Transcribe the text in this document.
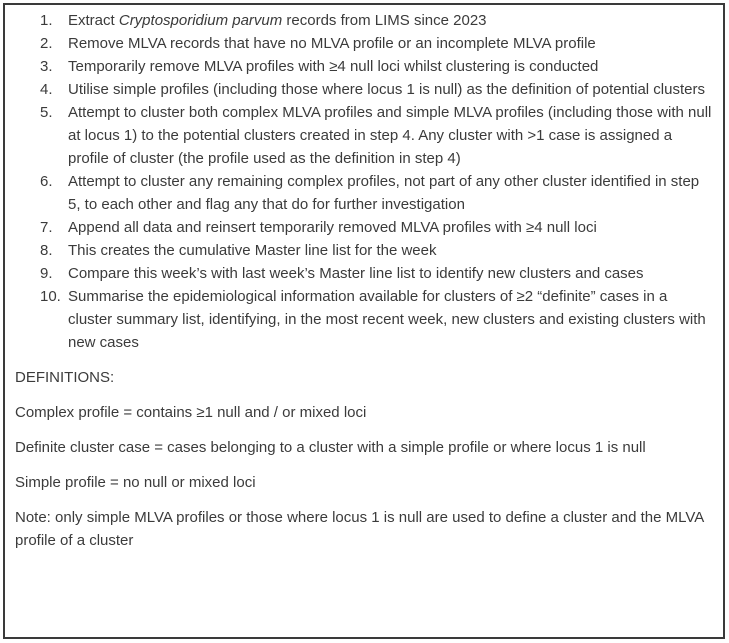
1.	Extract Cryptosporidium parvum records from LIMS since 2023
2.	Remove MLVA records that have no MLVA profile or an incomplete MLVA profile
3.	Temporarily remove MLVA profiles with ≥4 null loci whilst clustering is conducted
4.	Utilise simple profiles (including those where locus 1 is null) as the definition of potential clusters
5.	Attempt to cluster both complex MLVA profiles and simple MLVA profiles (including those with null at locus 1) to the potential clusters created in step 4. Any cluster with >1 case is assigned a profile of cluster (the profile used as the definition in step 4)
6.	Attempt to cluster any remaining complex profiles, not part of any other cluster identified in step 5, to each other and flag any that do for further investigation
7.	Append all data and reinsert temporarily removed MLVA profiles with ≥4 null loci
8.	This creates the cumulative Master line list for the week
9.	Compare this week’s with last week’s Master line list to identify new clusters and cases
10. Summarise the epidemiological information available for clusters of ≥2 “definite” cases in a cluster summary list, identifying, in the most recent week, new clusters and existing clusters with new cases

DEFINITIONS:

Complex profile = contains ≥1 null and / or mixed loci

Definite cluster case = cases belonging to a cluster with a simple profile or where locus 1 is null

Simple profile = no null or mixed loci

Note: only simple MLVA profiles or those where locus 1 is null are used to define a cluster and the MLVA profile of a cluster
